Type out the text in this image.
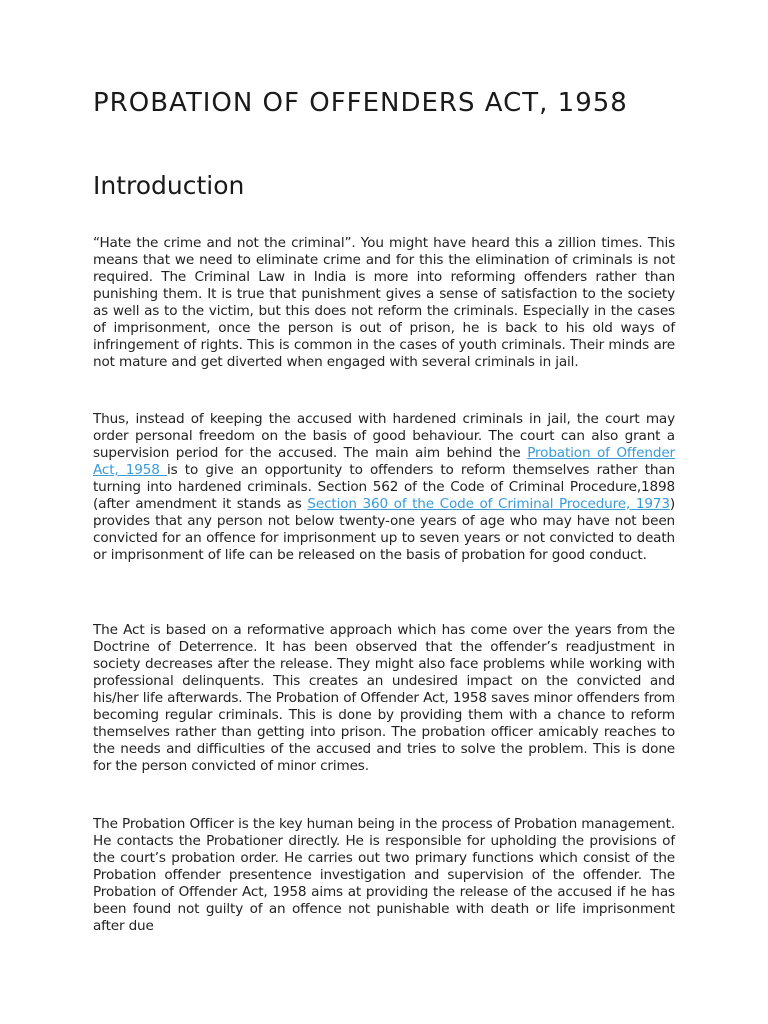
PROBATION OF OFFENDERS ACT, 1958
Introduction

“Hate the crime and not the criminal”. You might have heard this a zillion times. This means that we need to eliminate crime and for this the elimination of criminals is not required. The Criminal Law in India is more into reforming offenders rather than punishing them. It is true that punishment gives a sense of satisfaction to the society as well as to the victim, but this does not reform the criminals. Especially in the cases of imprisonment, once the person is out of prison, he is back to his old ways of infringement of rights. This is common in the cases of youth criminals. Their minds are not mature and get diverted when engaged with several criminals in jail.

Thus, instead of keeping the accused with hardened criminals in jail, the court may order personal freedom on the basis of good behaviour. The court can also grant a supervision period for the accused. The main aim behind the Probation of Offender Act, 1958 is to give an opportunity to offenders to reform themselves rather than turning into hardened criminals. Section 562 of the Code of Criminal Procedure,1898 (after amendment it stands as Section 360 of the Code of Criminal Procedure, 1973) provides that any person not below twenty-one years of age who may have not been convicted for an offence for imprisonment up to seven years or not convicted to death or imprisonment of life can be released on the basis of probation for good conduct.

The Act is based on a reformative approach which has come over the years from the Doctrine of Deterrence. It has been observed that the offender’s readjustment in society decreases after the release. They might also face problems while working with professional delinquents. This creates an undesired impact on the convicted and his/her life afterwards. The Probation of Offender Act, 1958 saves minor offenders from becoming regular criminals. This is done by providing them with a chance to reform themselves rather than getting into prison. The probation officer amicably reaches to the needs and difficulties of the accused and tries to solve the problem. This is done for the person convicted of minor crimes.

The Probation Officer is the key human being in the process of Probation management. He contacts the Probationer directly. He is responsible for upholding the provisions of the court’s probation order. He carries out two primary functions which consist of the Probation offender presentence investigation and supervision of the offender. The Probation of Offender Act, 1958 aims at providing the release of the accused if he has been found not guilty of an offence not punishable with death or life imprisonment after due
